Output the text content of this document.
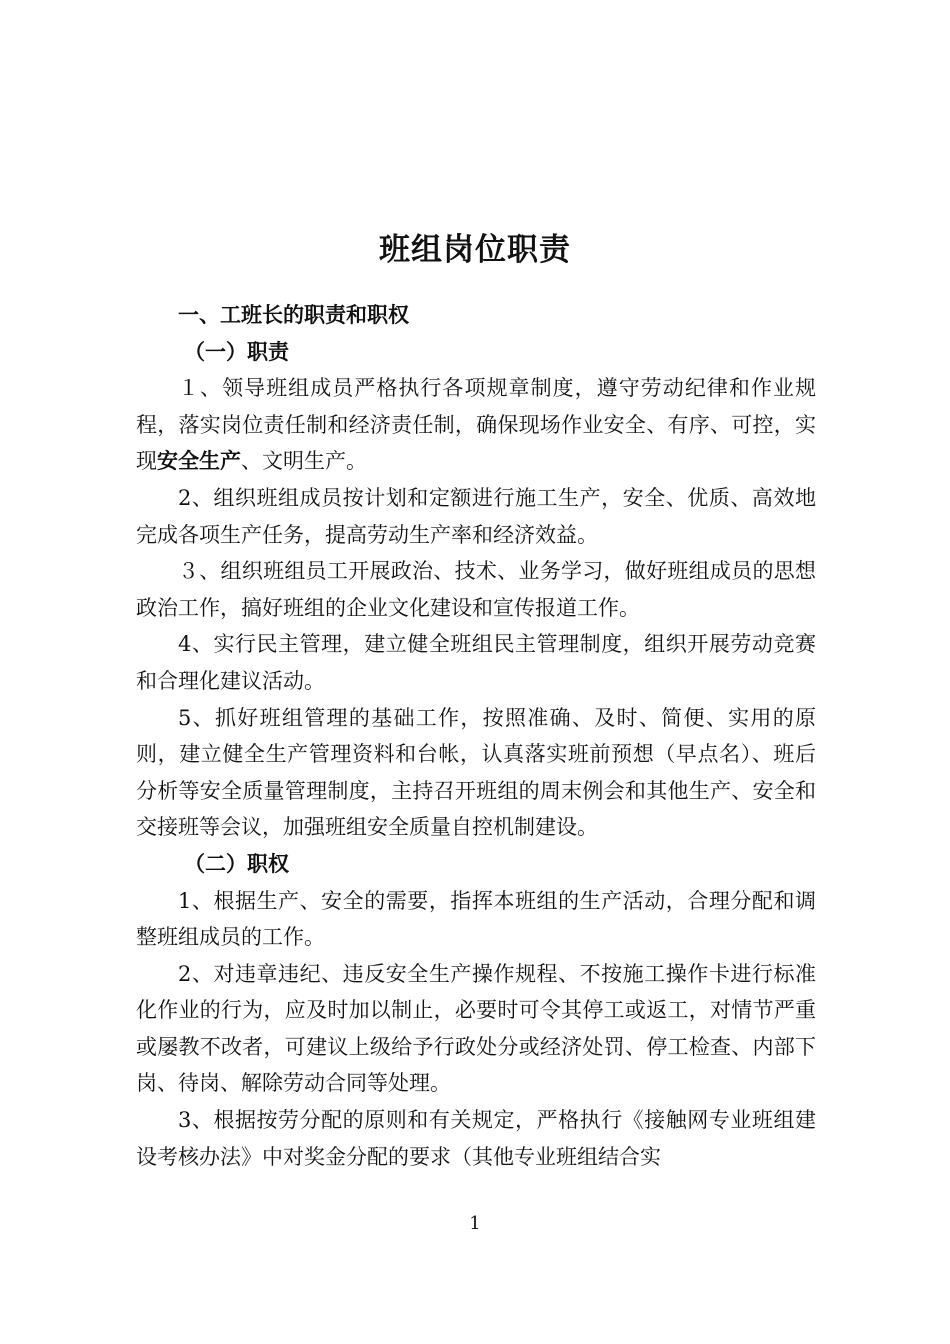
班组岗位职责

一、工班长的职责和职权

（一）职责

１、领导班组成员严格执行各项规章制度，遵守劳动纪律和作业规程，落实岗位责任制和经济责任制，确保现场作业安全、有序、可控，实现安全生产、文明生产。

2、组织班组成员按计划和定额进行施工生产，安全、优质、高效地完成各项生产任务，提高劳动生产率和经济效益。

３、组织班组员工开展政治、技术、业务学习，做好班组成员的思想政治工作，搞好班组的企业文化建设和宣传报道工作。

4、实行民主管理，建立健全班组民主管理制度，组织开展劳动竞赛和合理化建议活动。

5、抓好班组管理的基础工作，按照准确、及时、简便、实用的原则，建立健全生产管理资料和台帐，认真落实班前预想（早点名）、班后分析等安全质量管理制度，主持召开班组的周末例会和其他生产、安全和交接班等会议，加强班组安全质量自控机制建设。

（二）职权

1、根据生产、安全的需要，指挥本班组的生产活动，合理分配和调整班组成员的工作。

2、对违章违纪、违反安全生产操作规程、不按施工操作卡进行标准化作业的行为，应及时加以制止，必要时可令其停工或返工，对情节严重或屡教不改者，可建议上级给予行政处分或经济处罚、停工检查、内部下岗、待岗、解除劳动合同等处理。

3、根据按劳分配的原则和有关规定，严格执行《接触网专业班组建设考核办法》中对奖金分配的要求（其他专业班组结合实

1
